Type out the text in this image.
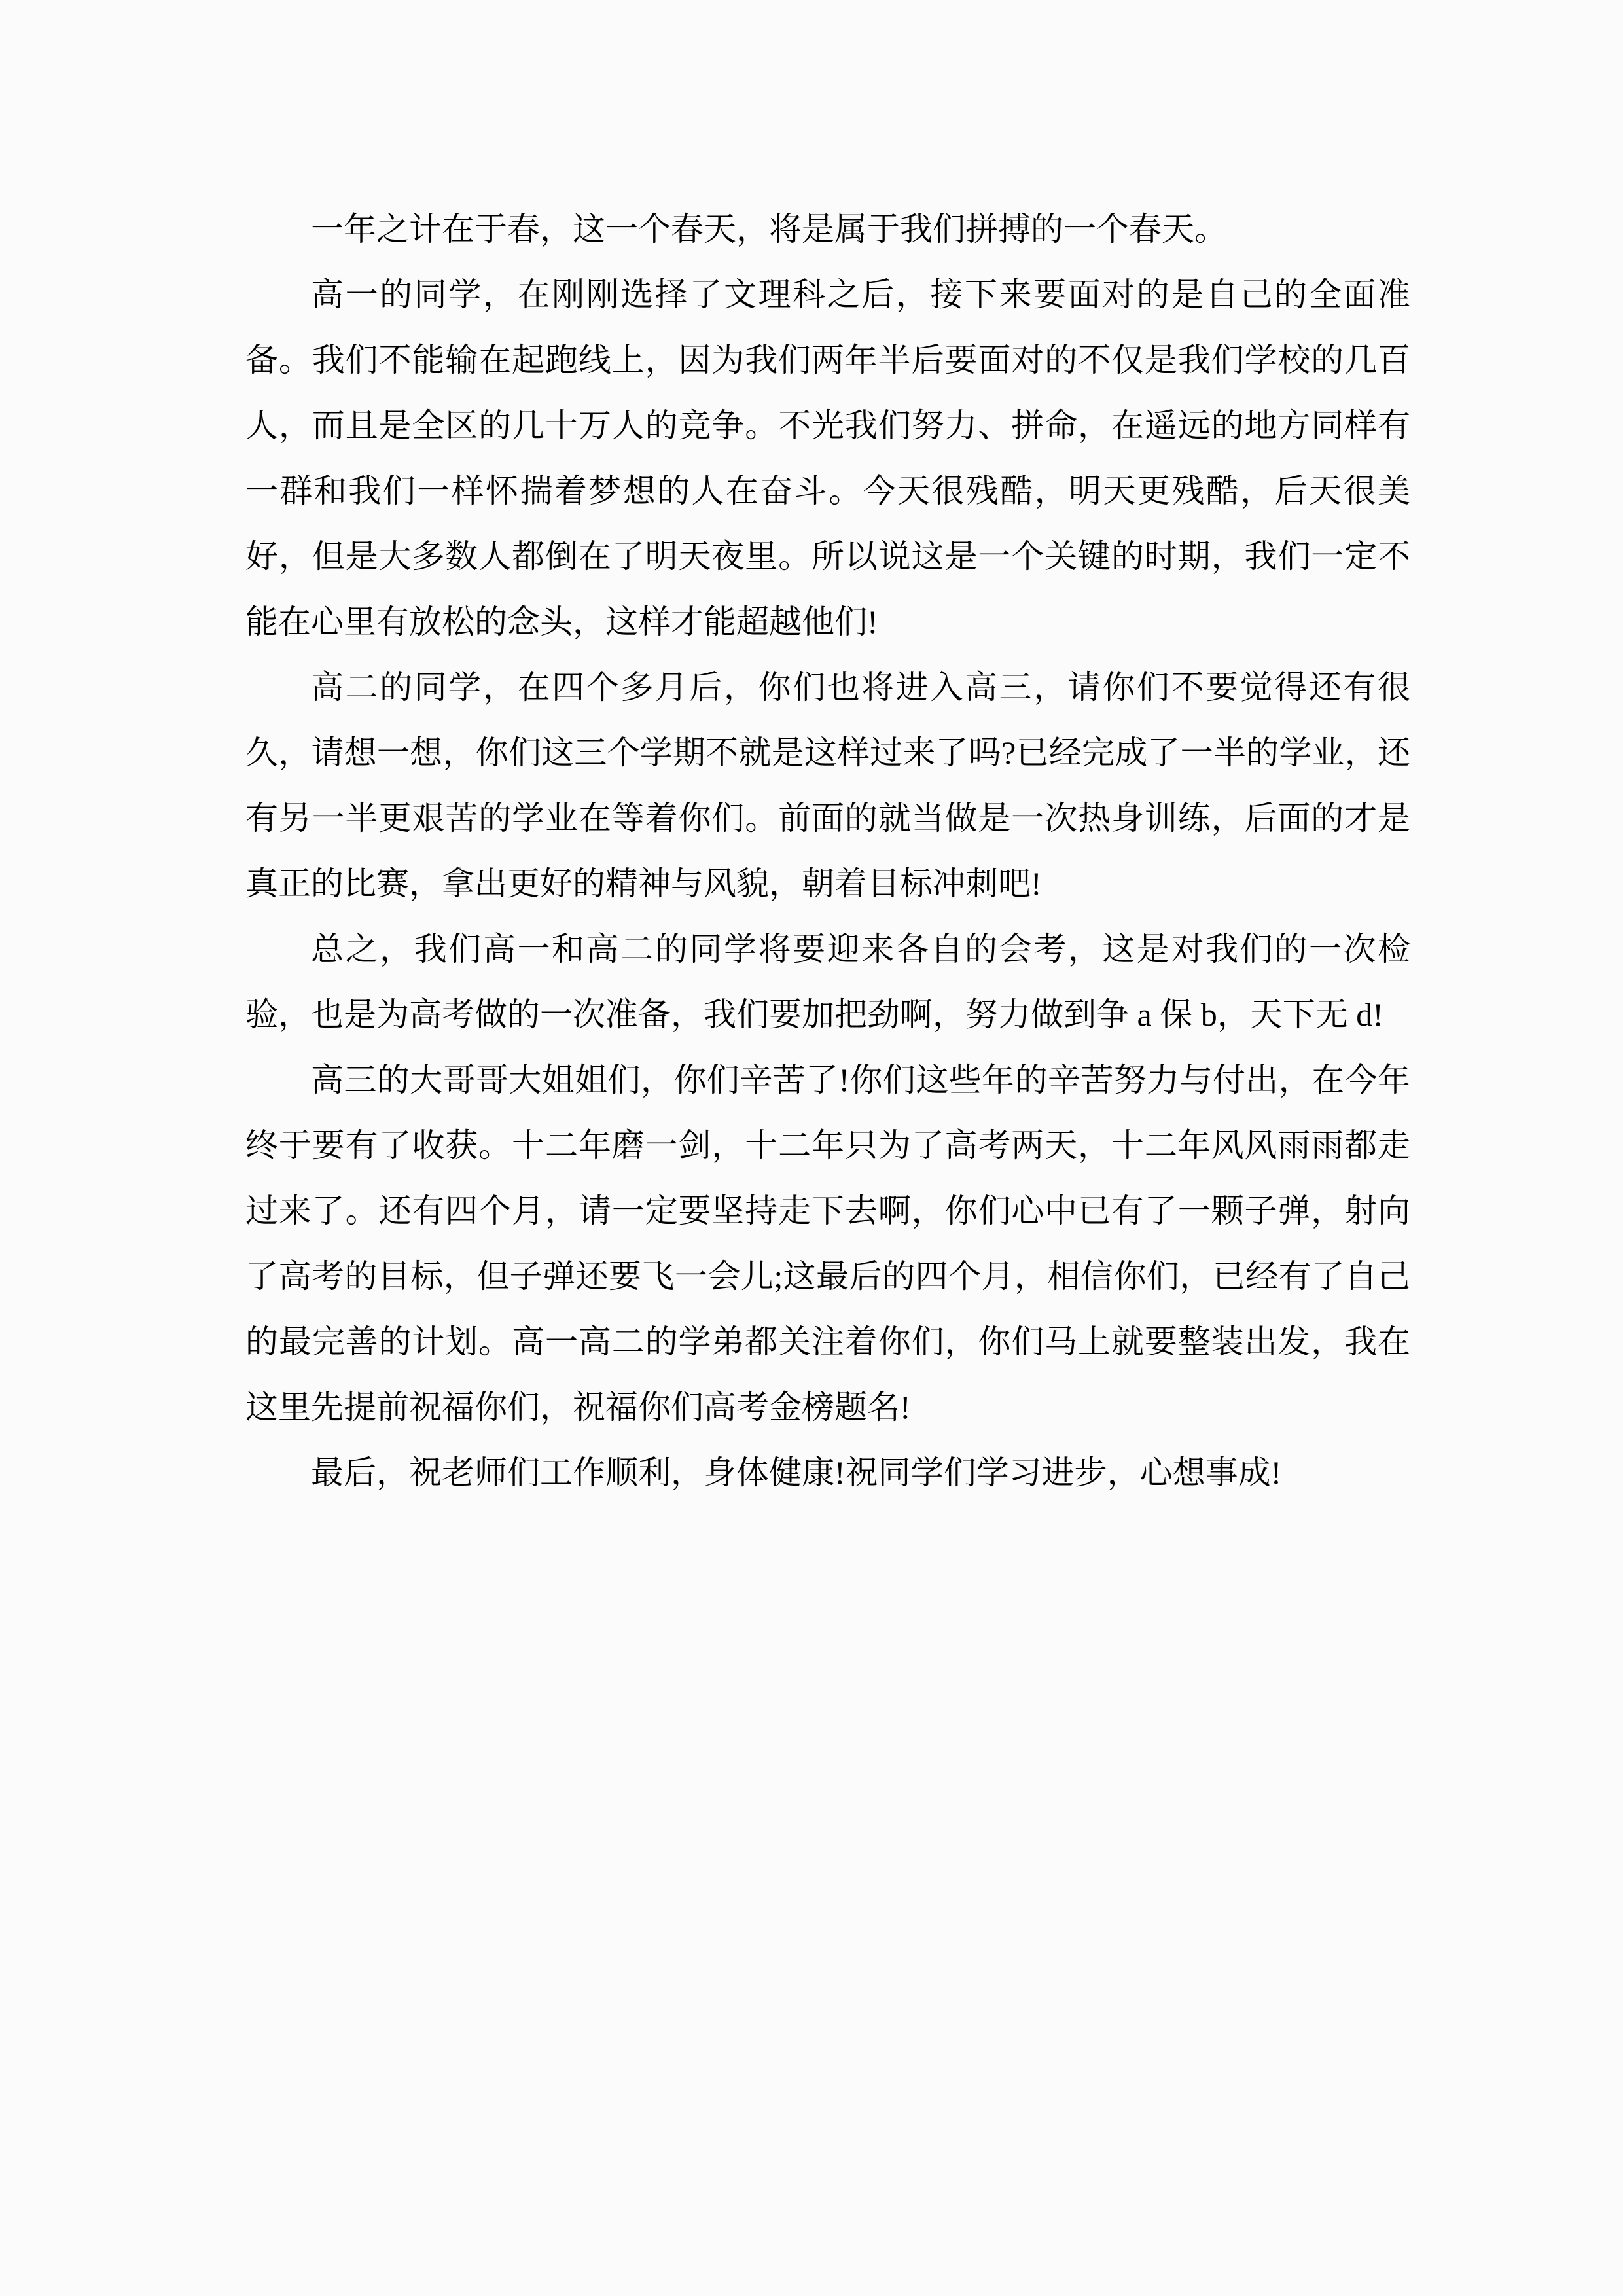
一年之计在于春，这一个春天，将是属于我们拼搏的一个春天。

高一的同学，在刚刚选择了文理科之后，接下来要面对的是自己的全面准备。我们不能输在起跑线上，因为我们两年半后要面对的不仅是我们学校的几百人，而且是全区的几十万人的竞争。不光我们努力、拼命，在遥远的地方同样有一群和我们一样怀揣着梦想的人在奋斗。今天很残酷，明天更残酷，后天很美好，但是大多数人都倒在了明天夜里。所以说这是一个关键的时期，我们一定不能在心里有放松的念头，这样才能超越他们!

高二的同学，在四个多月后，你们也将进入高三，请你们不要觉得还有很久，请想一想，你们这三个学期不就是这样过来了吗?已经完成了一半的学业，还有另一半更艰苦的学业在等着你们。前面的就当做是一次热身训练，后面的才是真正的比赛，拿出更好的精神与风貌，朝着目标冲刺吧!

总之，我们高一和高二的同学将要迎来各自的会考，这是对我们的一次检验，也是为高考做的一次准备，我们要加把劲啊，努力做到争 a 保 b，天下无 d!

高三的大哥哥大姐姐们，你们辛苦了!你们这些年的辛苦努力与付出，在今年终于要有了收获。十二年磨一剑，十二年只为了高考两天，十二年风风雨雨都走过来了。还有四个月，请一定要坚持走下去啊，你们心中已有了一颗子弹，射向了高考的目标，但子弹还要飞一会儿;这最后的四个月，相信你们，已经有了自己的最完善的计划。高一高二的学弟都关注着你们，你们马上就要整装出发，我在这里先提前祝福你们，祝福你们高考金榜题名!

最后，祝老师们工作顺利，身体健康!祝同学们学习进步，心想事成!
